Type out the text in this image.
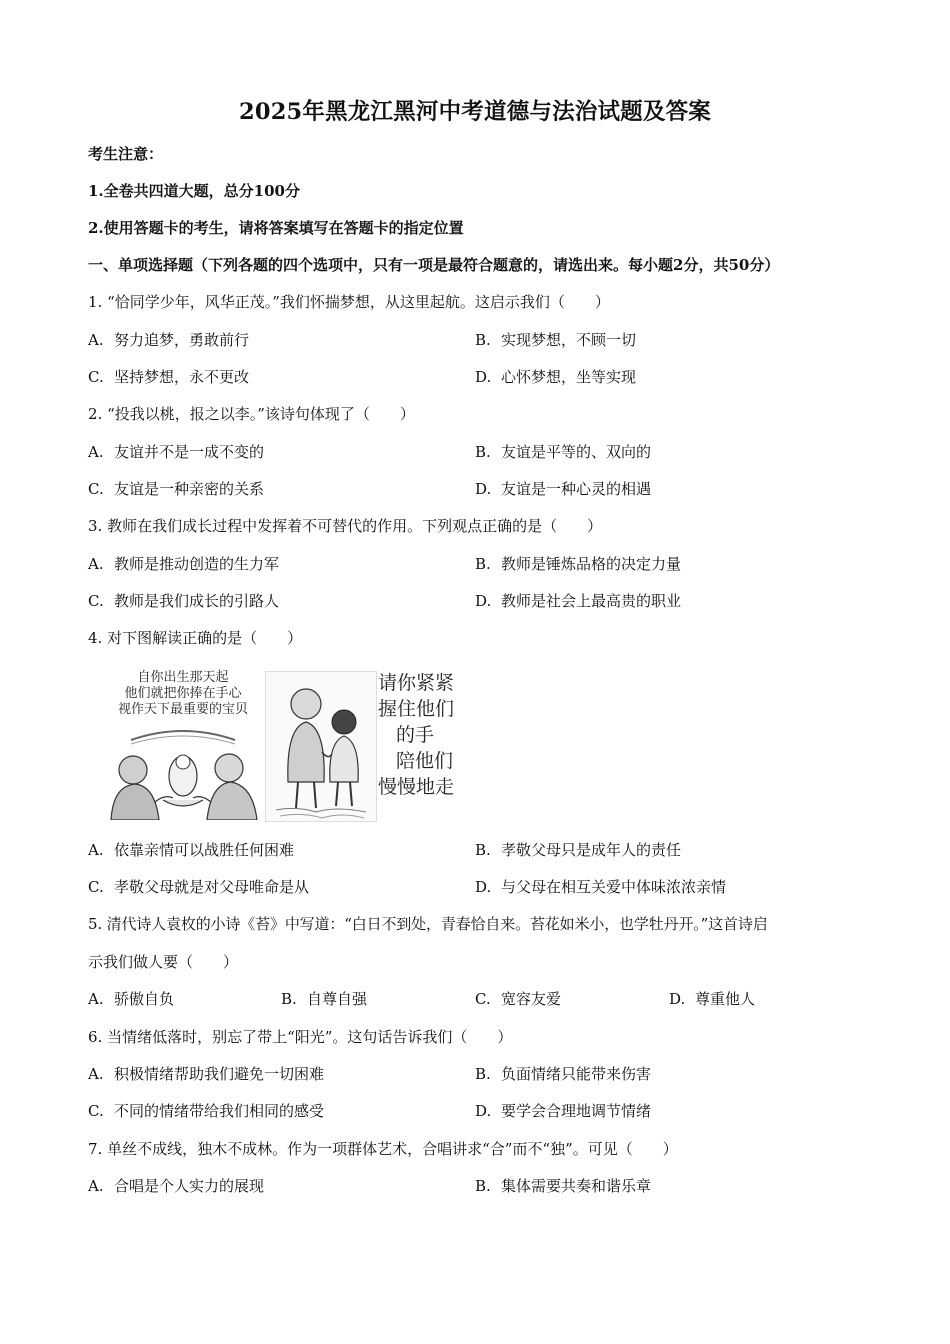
2025年黑龙江黑河中考道德与法治试题及答案
考生注意：
1.全卷共四道大题，总分100分
2.使用答题卡的考生，请将答案填写在答题卡的指定位置
一、单项选择题（下列各题的四个选项中，只有一项是最符合题意的，请选出来。每小题2分，共50分）
1. “恰同学少年，风华正茂。”我们怀揣梦想，从这里起航。这启示我们（　　）
A. 努力追梦，勇敢前行	B. 实现梦想，不顾一切
C. 坚持梦想，永不更改	D. 心怀梦想，坐等实现
2. “投我以桃，报之以李。”该诗句体现了（　　）
A. 友谊并不是一成不变的	B. 友谊是平等的、双向的
C. 友谊是一种亲密的关系	D. 友谊是一种心灵的相遇
3. 教师在我们成长过程中发挥着不可替代的作用。下列观点正确的是（　　）
A. 教师是推动创造的生力军	B. 教师是锤炼品格的决定力量
C. 教师是我们成长的引路人	D. 教师是社会上最高贵的职业
4. 对下图解读正确的是（　　）
自你出生那天起
他们就把你捧在手心
视作天下最重要的宝贝
请你紧紧
握住他们
的手
陪他们
慢慢地走
A. 依靠亲情可以战胜任何困难	B. 孝敬父母只是成年人的责任
C. 孝敬父母就是对父母唯命是从	D. 与父母在相互关爱中体味浓浓亲情
5. 清代诗人袁枚的小诗《苔》中写道：“白日不到处，青春恰自来。苔花如米小，也学牡丹开。”这首诗启
示我们做人要（　　）
A. 骄傲自负	B. 自尊自强	C. 宽容友爱	D. 尊重他人
6. 当情绪低落时，别忘了带上“阳光”。这句话告诉我们（　　）
A. 积极情绪帮助我们避免一切困难	B. 负面情绪只能带来伤害
C. 不同的情绪带给我们相同的感受	D. 要学会合理地调节情绪
7. 单丝不成线，独木不成林。作为一项群体艺术，合唱讲求“合”而不“独”。可见（　　）
A. 合唱是个人实力的展现	B. 集体需要共奏和谐乐章
